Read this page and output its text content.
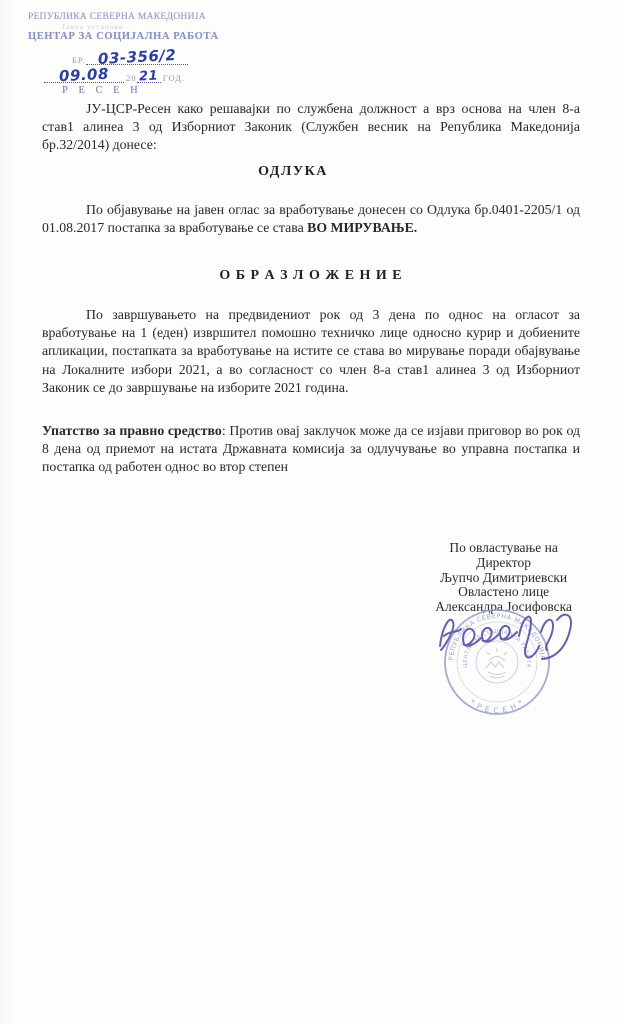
РЕПУБЛИКА СЕВЕРНА МАКЕДОНИЈА
Јавна установа
ЦЕНТАР ЗА СОЦИЈАЛНА РАБОТА
БР. 03-356/2
09.08 20 21 ГОД.
Р Е С Е Н

ЈУ-ЦСР-Ресен како решавајки по службена должност а врз основа на член 8-а став1 алинеа 3 од Изборниот Законик (Службен весник на Република Македонија бр.32/2014) донесе:

ОДЛУКА

По објавување на јавен оглас за вработување донесен со Одлука бр.0401-2205/1 од 01.08.2017 постапка за вработување се става ВО МИРУВАЊЕ.

О Б Р А З Л О Ж Е Н И Е

По завршувањето на предвидениот рок од 3 дена по однос на огласот за вработување на 1 (еден) извршител помошно техничко лице односно курир и добиените апликации, постапката за вработување на истите се става во мирување поради обајвување на Локалните избори 2021, а во согласност со член 8-а став1 алинеа 3 од Изборниот Законик се до завршување на изборите 2021 година.

Упатство за правно средство: Против овај заклучок може да се изјави приговор во рок од 8 дена од приемот на истата Државната комисија за одлучување во управна постапка и постапка од работен однос во втор степен

По овластување на
Директор
Љупчо Димитриевски
Овластено лице
Александра Јосифовска
РЕПУБЛИКА СЕВЕРНА МАКЕДОНИЈА
ЦЕНТАР ЗА СОЦИЈАЛНА РАБОТА
* Р Е С Е Н *
